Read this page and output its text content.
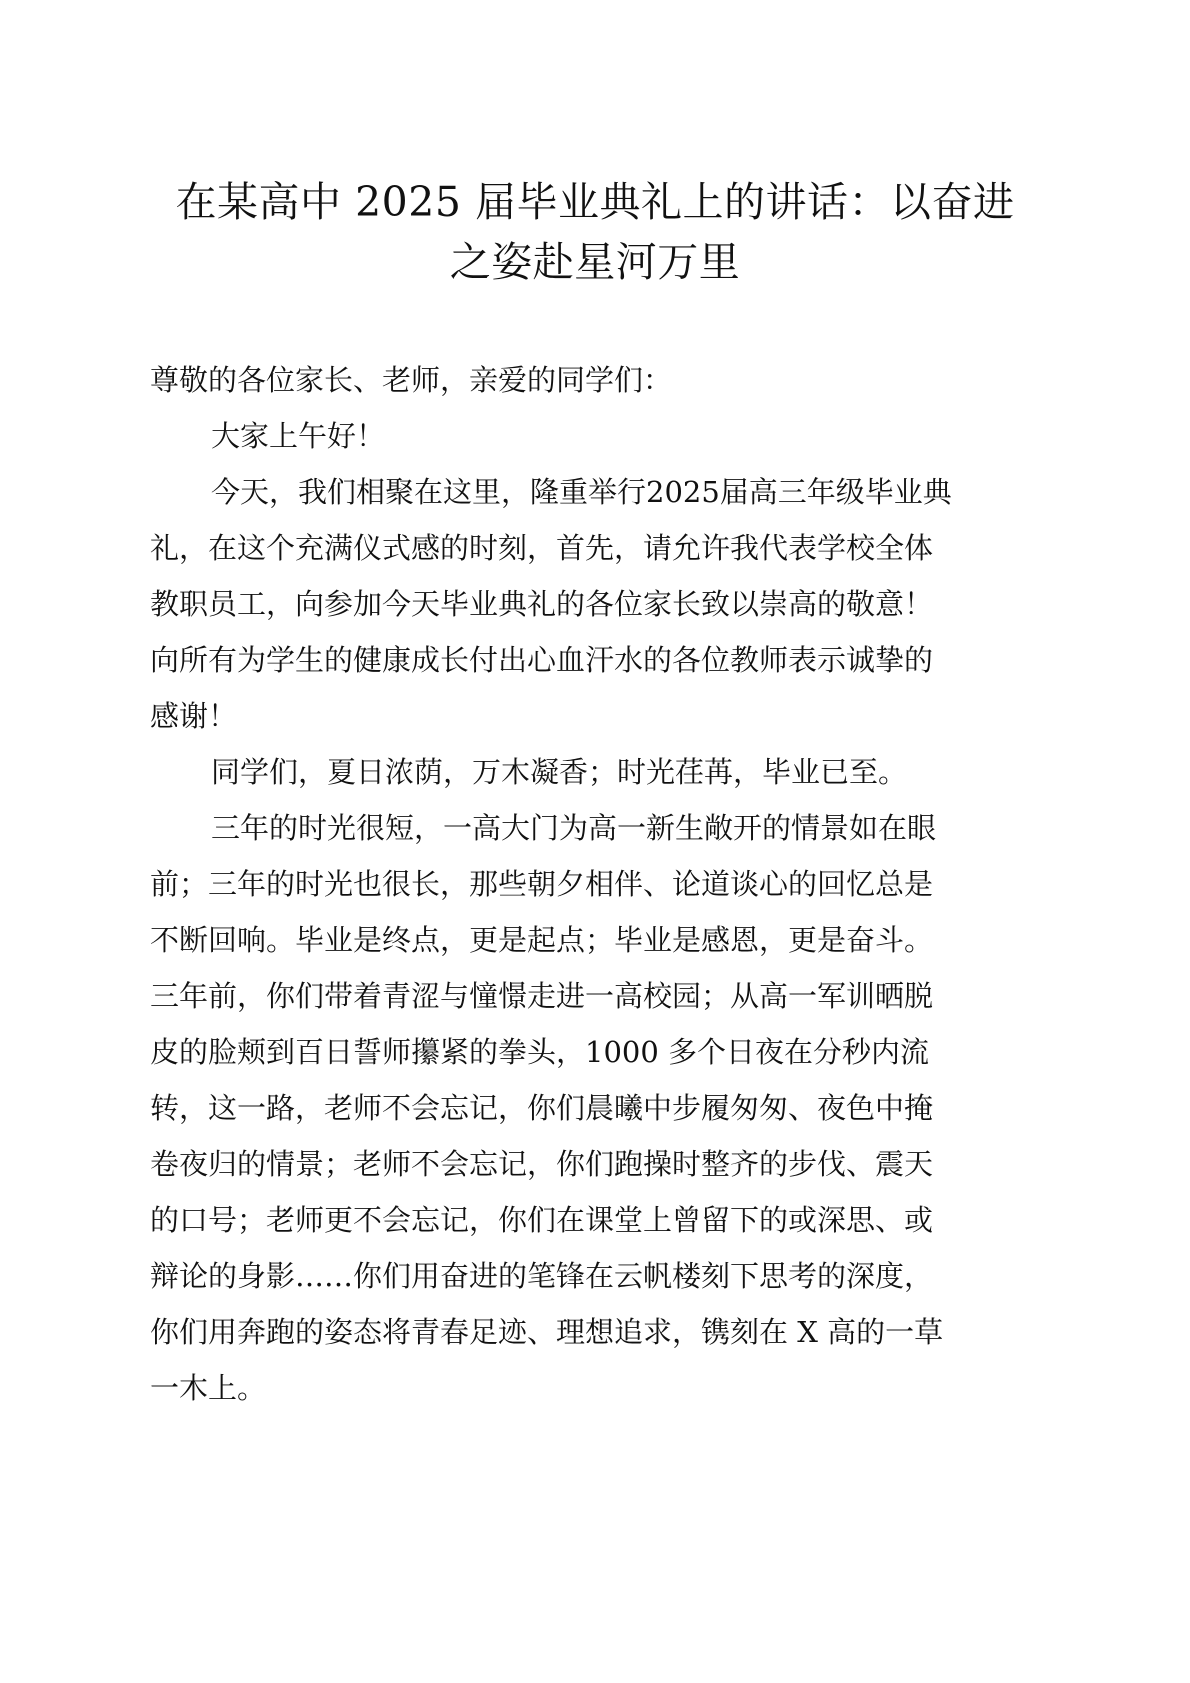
在某高中 2025 届毕业典礼上的讲话：以奋进
之姿赴星河万里

尊敬的各位家长、老师，亲爱的同学们：

大家上午好！

今天，我们相聚在这里，隆重举行2025届高三年级毕业典
礼，在这个充满仪式感的时刻，首先，请允许我代表学校全体
教职员工，向参加今天毕业典礼的各位家长致以崇高的敬意！
向所有为学生的健康成长付出心血汗水的各位教师表示诚挚的
感谢！

同学们，夏日浓荫，万木凝香；时光荏苒，毕业已至。

三年的时光很短，一高大门为高一新生敞开的情景如在眼
前；三年的时光也很长，那些朝夕相伴、论道谈心的回忆总是
不断回响。毕业是终点，更是起点；毕业是感恩，更是奋斗。
三年前，你们带着青涩与憧憬走进一高校园；从高一军训晒脱
皮的脸颊到百日誓师攥紧的拳头，1000 多个日夜在分秒内流
转，这一路，老师不会忘记，你们晨曦中步履匆匆、夜色中掩
卷夜归的情景；老师不会忘记，你们跑操时整齐的步伐、震天
的口号；老师更不会忘记，你们在课堂上曾留下的或深思、或
辩论的身影……你们用奋进的笔锋在云帆楼刻下思考的深度，
你们用奔跑的姿态将青春足迹、理想追求，镌刻在 X 高的一草
一木上。
